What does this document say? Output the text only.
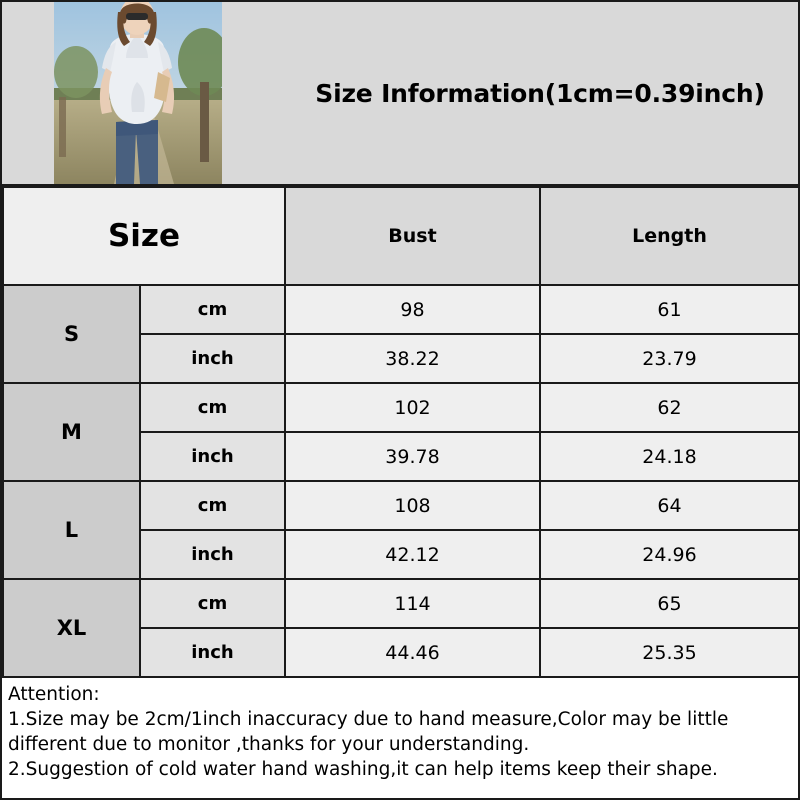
Size Information(1cm=0.39inch)
Size		Bust	Length
S	cm	98	61
	inch	38.22	23.79
M	cm	102	62
	inch	39.78	24.18
L	cm	108	64
	inch	42.12	24.96
XL	cm	114	65
	inch	44.46	25.35
Attention:
1.Size may be 2cm/1inch inaccuracy due to hand measure,Color may be little
different due to monitor ,thanks for your understanding.
2.Suggestion of cold water hand washing,it can help items keep their shape.
